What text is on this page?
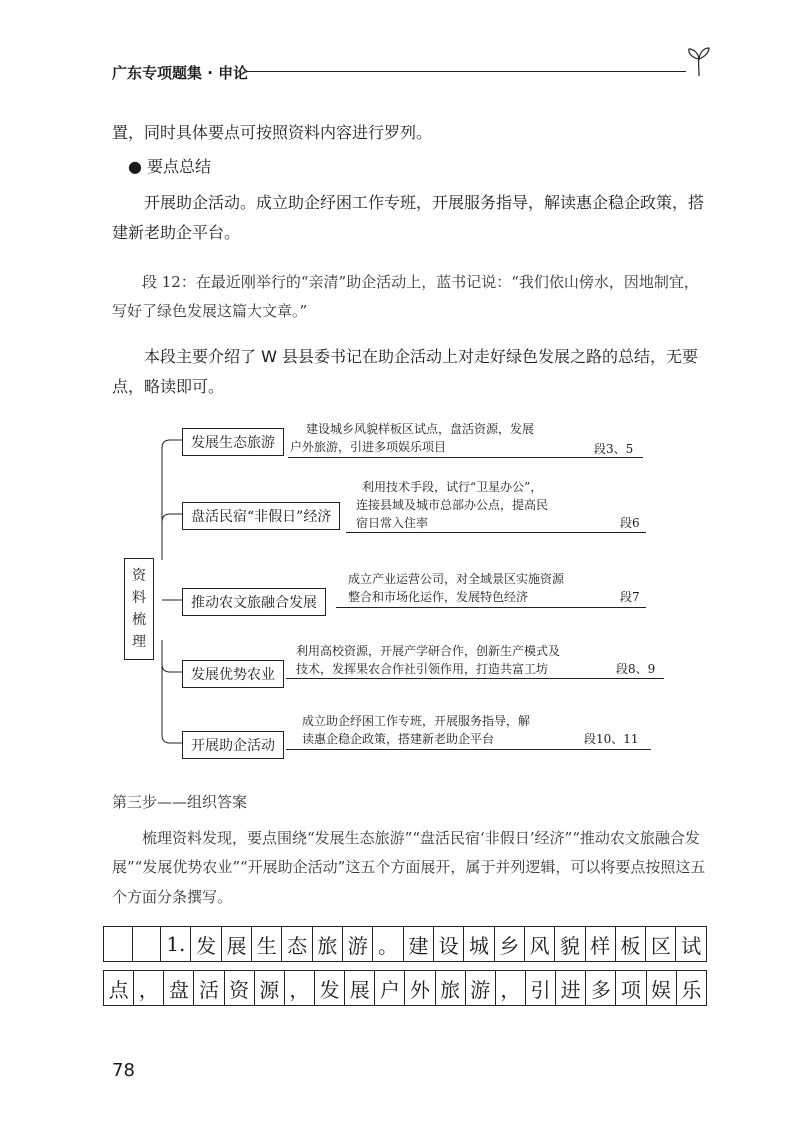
广东专项题集 · 申论
置，同时具体要点可按照资料内容进行罗列。
● 要点总结
开展助企活动。成立助企纾困工作专班，开展服务指导，解读惠企稳企政策，搭建新老助企平台。
段 12：在最近刚举行的“亲清”助企活动上，蓝书记说：“我们依山傍水，因地制宜，写好了绿色发展这篇大文章。”
本段主要介绍了 W 县县委书记在助企活动上对走好绿色发展之路的总结，无要点，略读即可。
资料梳理
发展生态旅游
建设城乡风貌样板区试点，盘活资源，发展
户外旅游，引进多项娱乐项目	段3、5
盘活民宿“非假日”经济
利用技术手段，试行“卫星办公”，
连接县域及城市总部办公点，提高民
宿日常入住率	段6
推动农文旅融合发展
成立产业运营公司，对全域景区实施资源
整合和市场化运作，发展特色经济	段7
发展优势农业
利用高校资源，开展产学研合作，创新生产模式及
技术，发挥果农合作社引领作用，打造共富工坊	段8、9
开展助企活动
成立助企纾困工作专班，开展服务指导，解
读惠企稳企政策，搭建新老助企平台	段10、11
第三步——组织答案
梳理资料发现，要点围绕“发展生态旅游”“盘活民宿‘非假日’经济”“推动农文旅融合发展”“发展优势农业”“开展助企活动”这五个方面展开，属于并列逻辑，可以将要点按照这五个方面分条撰写。
		1.	发	展	生	态	旅	游	。	建	设	城	乡	风	貌	样	板	区	试
点	，	盘	活	资	源	，	发	展	户	外	旅	游	，	引	进	多	项	娱	乐
78
